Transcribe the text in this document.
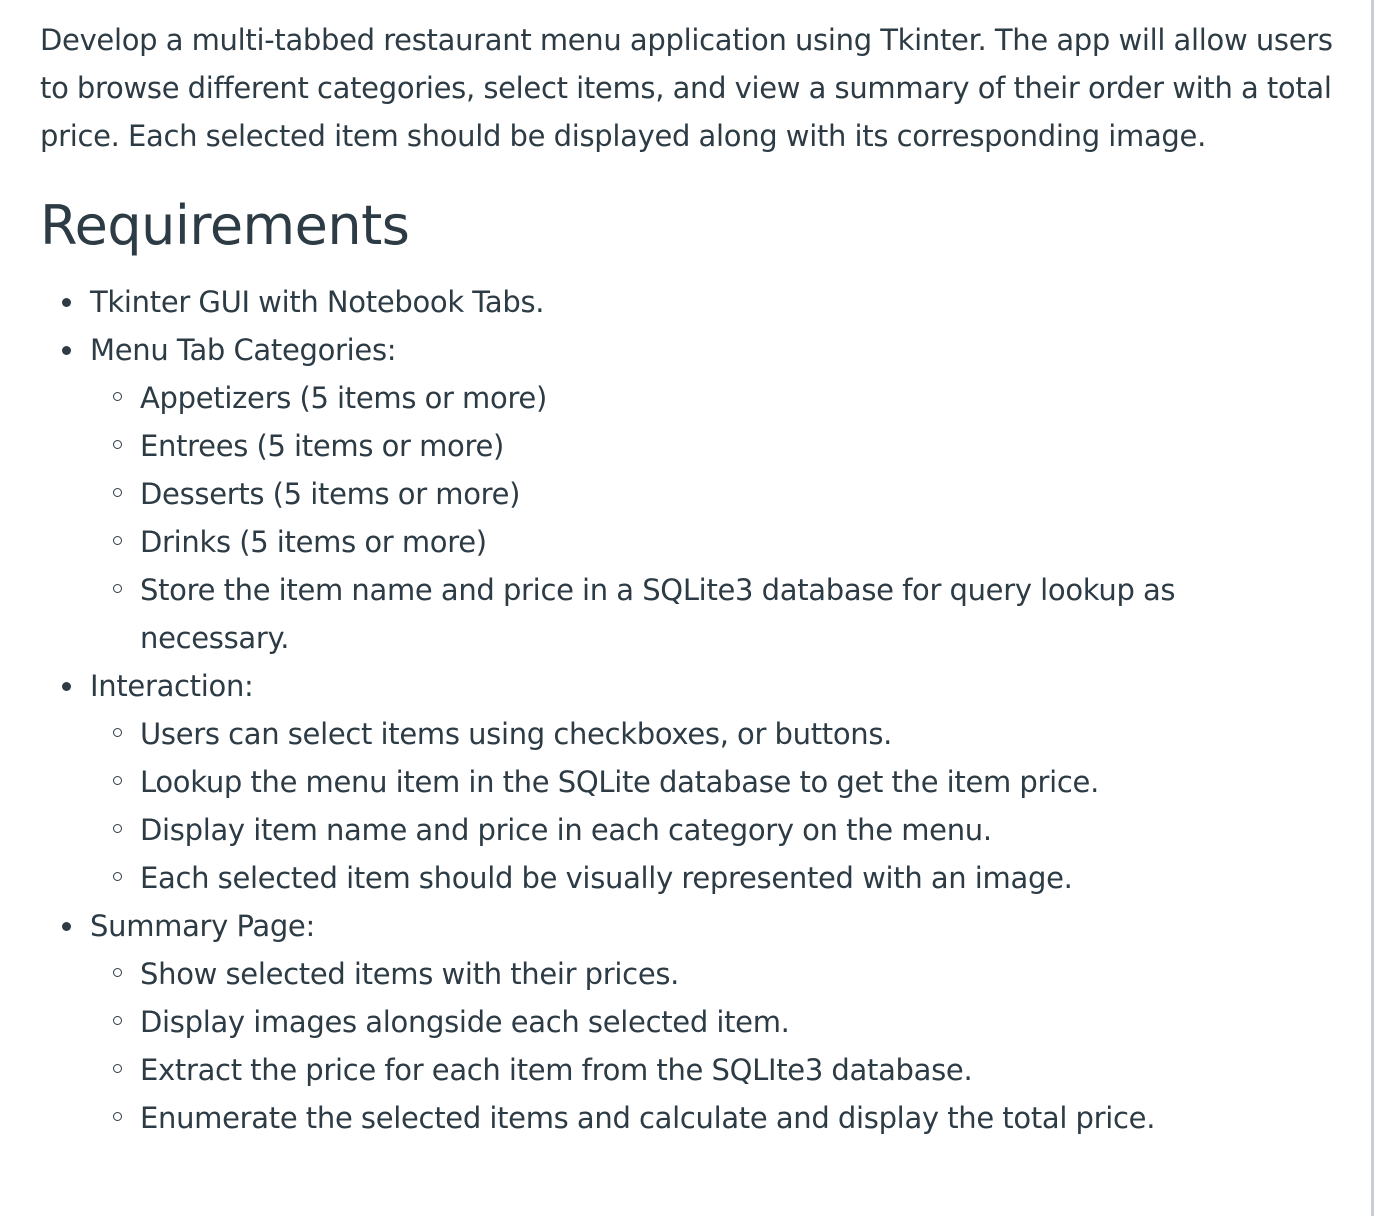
Develop a multi-tabbed restaurant menu application using Tkinter. The app will allow users to browse different categories, select items, and view a summary of their order with a total price. Each selected item should be displayed along with its corresponding image.

Requirements
Tkinter GUI with Notebook Tabs.
Menu Tab Categories:
Appetizers (5 items or more)
Entrees (5 items or more)
Desserts (5 items or more)
Drinks (5 items or more)
Store the item name and price in a SQLite3 database for query lookup as necessary.
Interaction:
Users can select items using checkboxes, or buttons.
Lookup the menu item in the SQLite database to get the item price.
Display item name and price in each category on the menu.
Each selected item should be visually represented with an image.
Summary Page:
Show selected items with their prices.
Display images alongside each selected item.
Extract the price for each item from the SQLIte3 database.
Enumerate the selected items and calculate and display the total price.
